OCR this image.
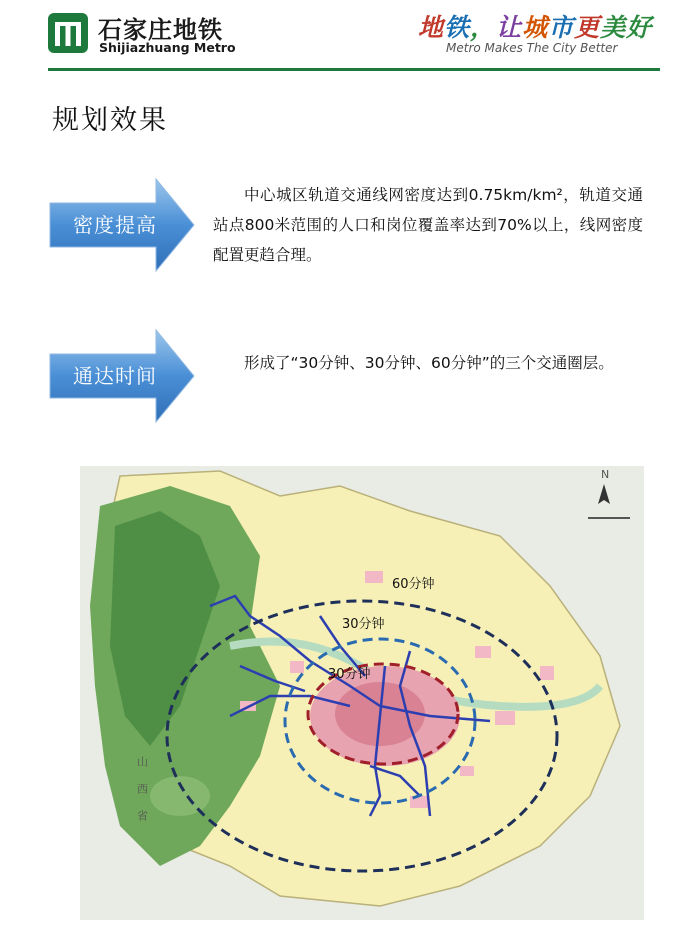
石家庄地铁
Shijiazhuang Metro
地铁，让城市更美好
Metro Makes The City Better
规划效果
密度提高
中心城区轨道交通线网密度达到0.75km/km²，轨道交通站点800米范围的人口和岗位覆盖率达到70%以上，线网密度配置更趋合理。
通达时间
形成了“30分钟、30分钟、60分钟”的三个交通圈层。
60分钟
30分钟
30分钟
山西省
N
